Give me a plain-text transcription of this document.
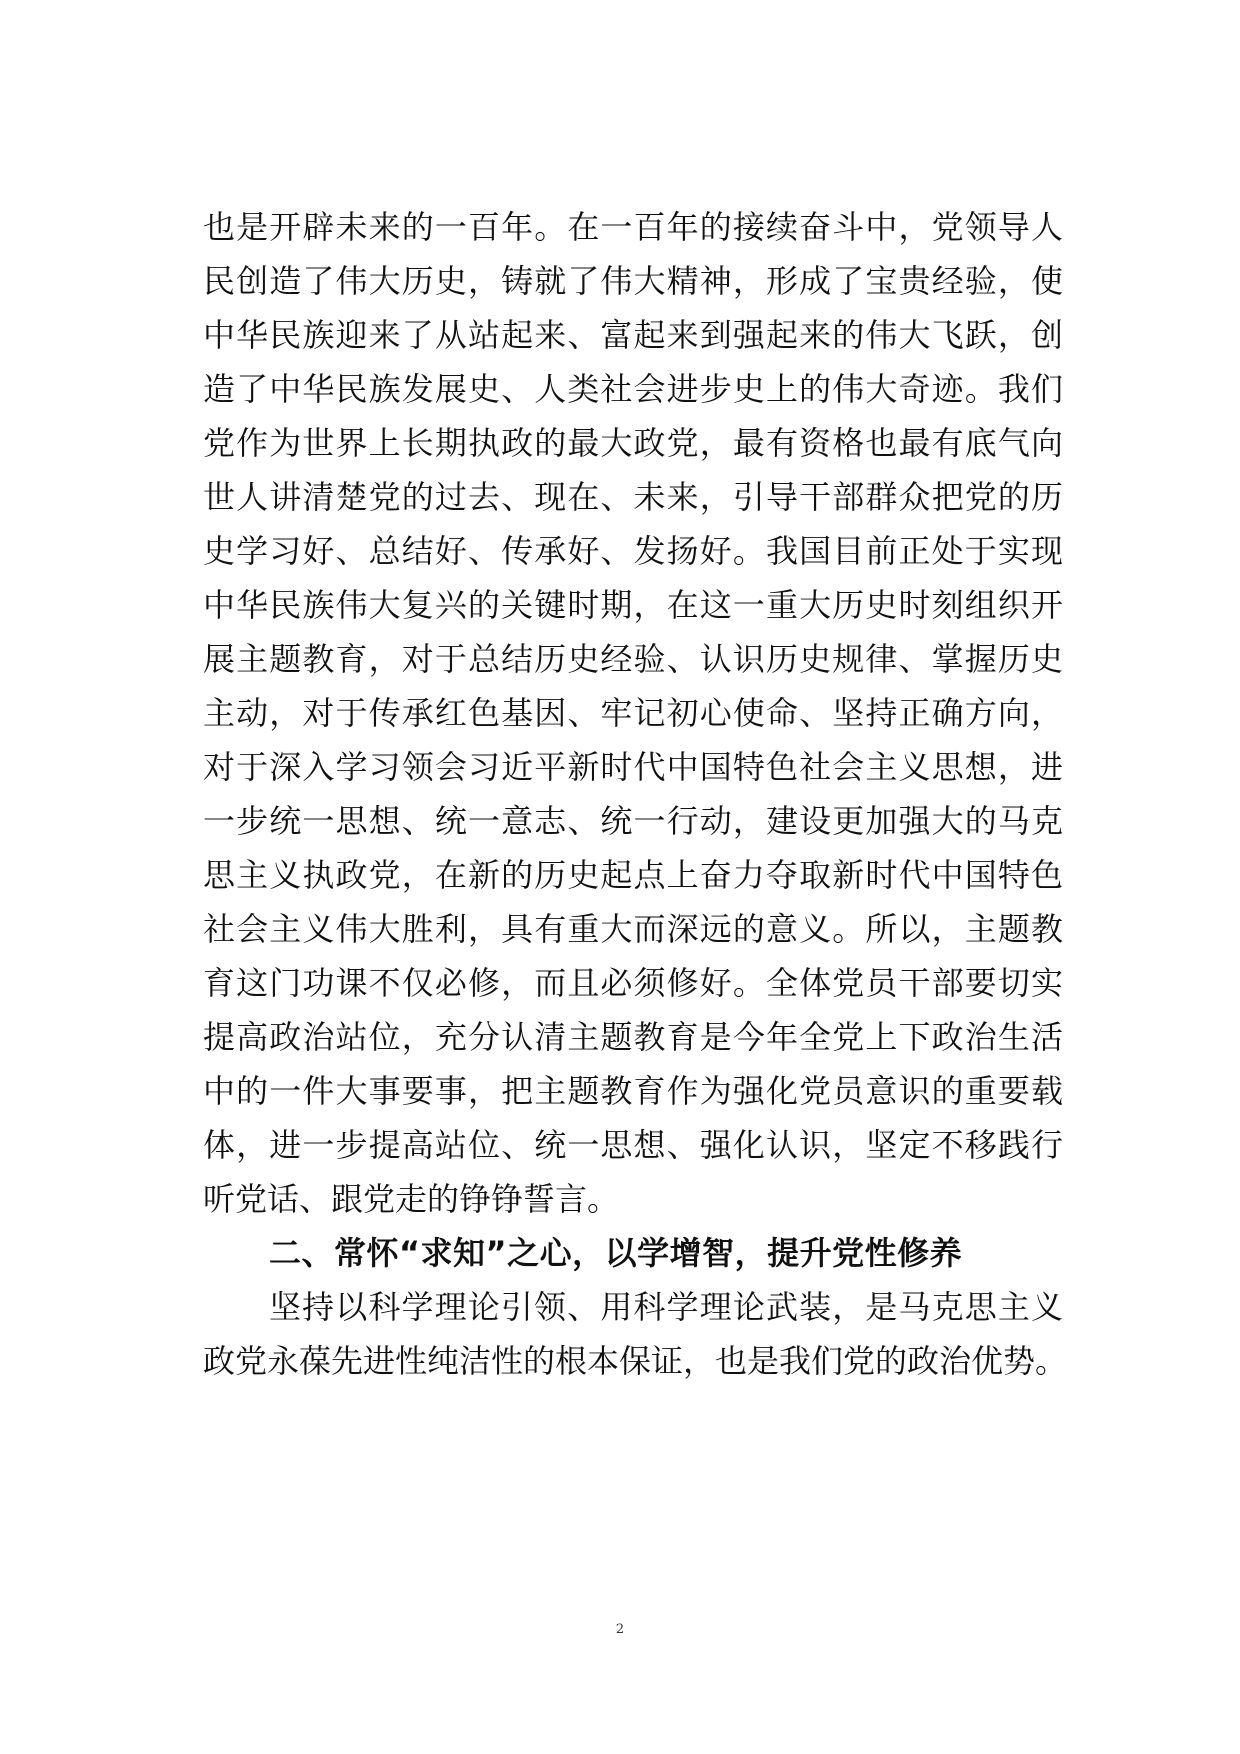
也是开辟未来的一百年。在一百年的接续奋斗中，党领导人
民创造了伟大历史，铸就了伟大精神，形成了宝贵经验，使
中华民族迎来了从站起来、富起来到强起来的伟大飞跃，创
造了中华民族发展史、人类社会进步史上的伟大奇迹。我们
党作为世界上长期执政的最大政党，最有资格也最有底气向
世人讲清楚党的过去、现在、未来，引导干部群众把党的历
史学习好、总结好、传承好、发扬好。我国目前正处于实现
中华民族伟大复兴的关键时期，在这一重大历史时刻组织开
展主题教育，对于总结历史经验、认识历史规律、掌握历史
主动，对于传承红色基因、牢记初心使命、坚持正确方向，
对于深入学习领会习近平新时代中国特色社会主义思想，进
一步统一思想、统一意志、统一行动，建设更加强大的马克
思主义执政党，在新的历史起点上奋力夺取新时代中国特色
社会主义伟大胜利，具有重大而深远的意义。所以，主题教
育这门功课不仅必修，而且必须修好。全体党员干部要切实
提高政治站位，充分认清主题教育是今年全党上下政治生活
中的一件大事要事，把主题教育作为强化党员意识的重要载
体，进一步提高站位、统一思想、强化认识，坚定不移践行
听党话、跟党走的铮铮誓言。
二、常怀“求知”之心，以学增智，提升党性修养
坚持以科学理论引领、用科学理论武装，是马克思主义
政党永葆先进性纯洁性的根本保证，也是我们党的政治优势。
2
